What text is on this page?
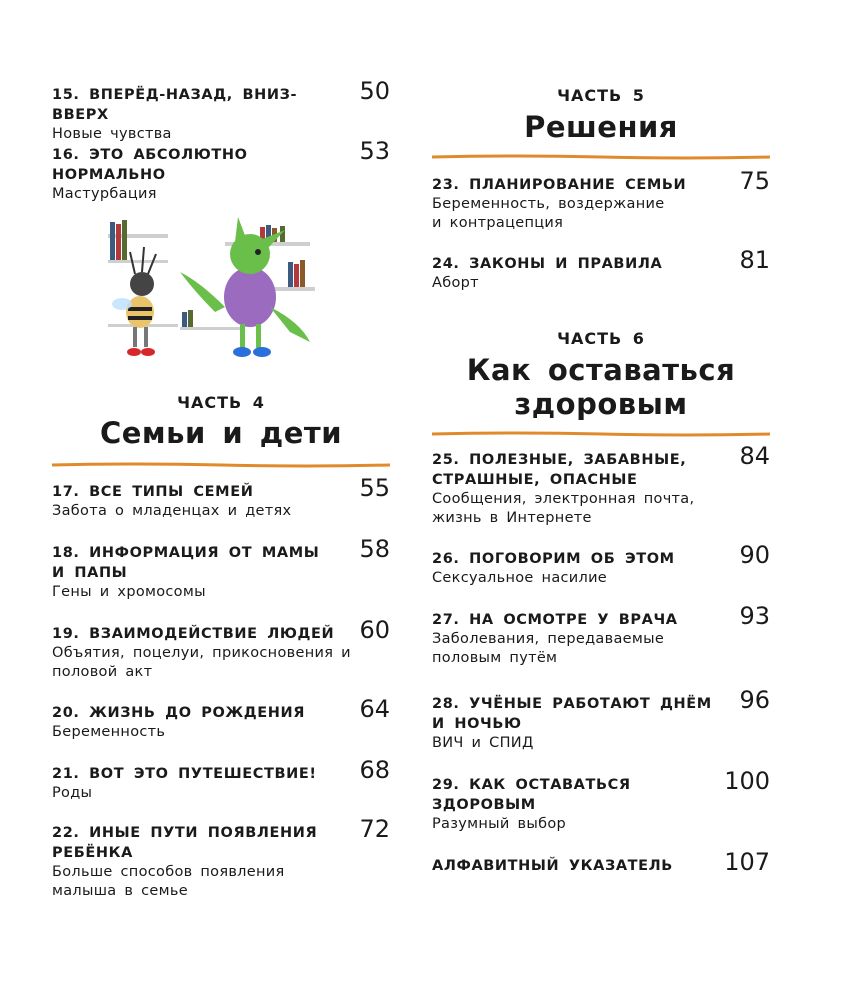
15. ВПЕРЁД-НАЗАД, ВНИЗ-ВВЕРХ
Новые чувства
50
16. ЭТО АБСОЛЮТНО НОРМАЛЬНО
Мастурбация
53
ЧАСТЬ 4
Семьи и дети
17. ВСЕ ТИПЫ СЕМЕЙ
Забота о младенцах и детях
55
18. ИНФОРМАЦИЯ ОТ МАМЫ И ПАПЫ
Гены и хромосомы
58
19. ВЗАИМОДЕЙСТВИЕ ЛЮДЕЙ
Объятия, поцелуи, прикосновения и половой акт
60
20. ЖИЗНЬ ДО РОЖДЕНИЯ
Беременность
64
21. ВОТ ЭТО ПУТЕШЕСТВИЕ!
Роды
68
22. ИНЫЕ ПУТИ ПОЯВЛЕНИЯ РЕБЁНКА
Больше способов появления малыша в семье
72
ЧАСТЬ 5
Решения
23. ПЛАНИРОВАНИЕ СЕМЬИ
Беременность, воздержание и контрацепция
75
24. ЗАКОНЫ И ПРАВИЛА
Аборт
81
ЧАСТЬ 6
Как оставаться здоровым
25. ПОЛЕЗНЫЕ, ЗАБАВНЫЕ, СТРАШНЫЕ, ОПАСНЫЕ
Сообщения, электронная почта, жизнь в Интернете
84
26. ПОГОВОРИМ ОБ ЭТОМ
Сексуальное насилие
90
27. НА ОСМОТРЕ У ВРАЧА
Заболевания, передаваемые половым путём
93
28. УЧЁНЫЕ РАБОТАЮТ ДНЁМ И НОЧЬЮ
ВИЧ и СПИД
96
29. КАК ОСТАВАТЬСЯ ЗДОРОВЫМ
Разумный выбор
100
АЛФАВИТНЫЙ УКАЗАТЕЛЬ	107
